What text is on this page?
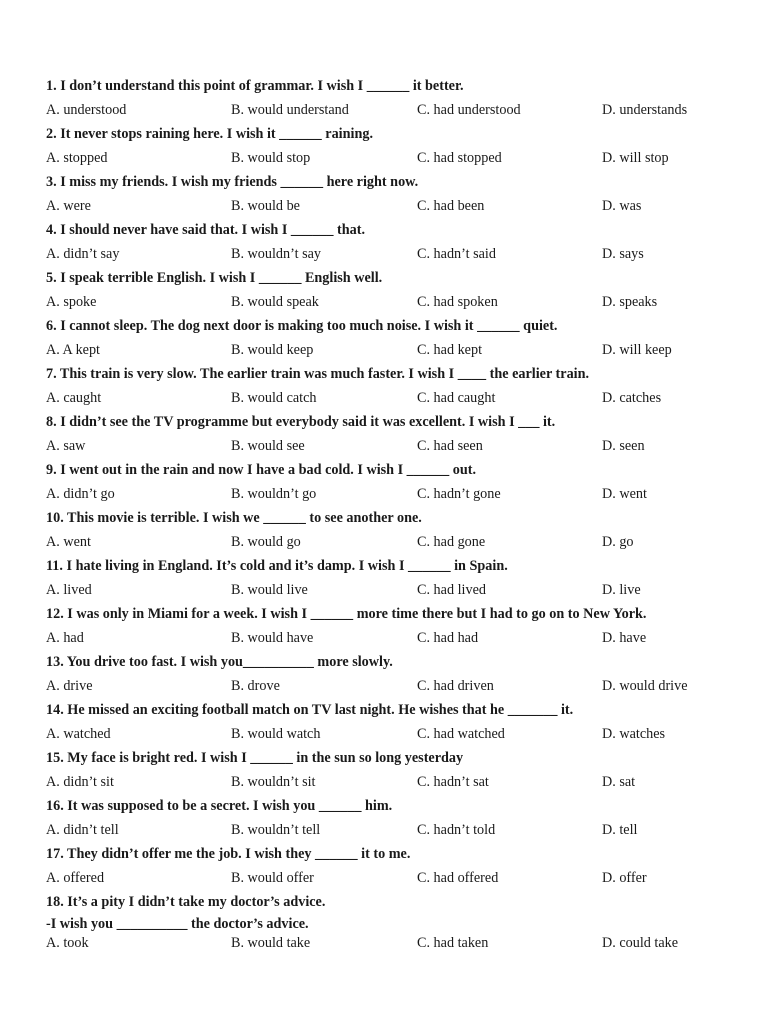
1. I don’t understand this point of grammar. I wish I ______ it better.
A. understood	B. would understand	C. had understood	D. understands
2. It never stops raining here. I wish it ______ raining.
A. stopped	B. would stop	C. had stopped	D. will stop
3. I miss my friends. I wish my friends ______ here right now.
A. were	B. would be	C. had been	D. was
4. I should never have said that. I wish I ______ that.
A. didn’t say	B. wouldn’t say	C. hadn’t said	D. says
5. I speak terrible English. I wish I ______ English well.
A. spoke	B. would speak	C. had spoken	D. speaks
6. I cannot sleep. The dog next door is making too much noise. I wish it ______ quiet.
A. A kept	B. would keep	C. had kept	D. will keep
7. This train is very slow. The earlier train was much faster. I wish I ____ the earlier train.
A. caught	B. would catch	C. had caught	D. catches
8. I didn’t see the TV programme but everybody said it was excellent. I wish I ___ it.
A. saw	B. would see	C. had seen	D. seen
9. I went out in the rain and now I have a bad cold. I wish I ______ out.
A. didn’t go	B. wouldn’t go	C. hadn’t gone	D. went
10. This movie is terrible. I wish we ______ to see another one.
A. went	B. would go	C. had gone	D. go
11. I hate living in England. It’s cold and it’s damp. I wish I ______ in Spain.
A. lived	B. would live	C. had lived	D. live
12. I was only in Miami for a week. I wish I ______ more time there but I had to go on to New York.
A. had	B. would have	C. had had	D. have
13. You drive too fast. I wish you__________ more slowly.
A. drive	B. drove	C. had driven	D. would drive
14. He missed an exciting football match on TV last night. He wishes that he _______ it.
A. watched	B. would watch	C. had watched	D. watches
15. My face is bright red. I wish I ______ in the sun so long yesterday
A. didn’t sit	B. wouldn’t sit	C. hadn’t sat	D. sat
16. It was supposed to be a secret. I wish you ______ him.
A. didn’t tell	B. wouldn’t tell	C. hadn’t told	D. tell
17. They didn’t offer me the job. I wish they ______ it to me.
A. offered	B. would offer	C. had offered	D. offer
18. It’s a pity I didn’t take my doctor’s advice.
-I wish you __________ the doctor’s advice.
A. took	B. would take	C. had taken	D. could take
